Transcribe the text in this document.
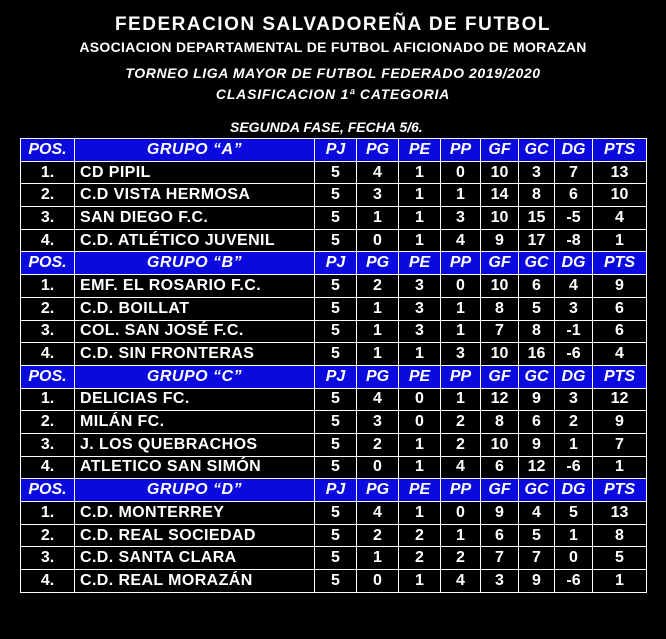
FEDERACION SALVADOREÑA DE FUTBOL
ASOCIACION DEPARTAMENTAL DE FUTBOL AFICIONADO DE MORAZAN
TORNEO LIGA MAYOR DE FUTBOL FEDERADO 2019/2020
CLASIFICACION 1ª CATEGORIA
SEGUNDA FASE, FECHA 5/6.
POS.	GRUPO “A”	PJ	PG	PE	PP	GF	GC	DG	PTS
1.	CD PIPIL	5	4	1	0	10	3	7	13
2.	C.D VISTA HERMOSA	5	3	1	1	14	8	6	10
3.	SAN DIEGO F.C.	5	1	1	3	10	15	-5	4
4.	C.D. ATLÉTICO JUVENIL	5	0	1	4	9	17	-8	1
POS.	GRUPO “B”	PJ	PG	PE	PP	GF	GC	DG	PTS
1.	EMF. EL ROSARIO F.C.	5	2	3	0	10	6	4	9
2.	C.D. BOILLAT	5	1	3	1	8	5	3	6
3.	COL. SAN JOSÉ F.C.	5	1	3	1	7	8	-1	6
4.	C.D. SIN FRONTERAS	5	1	1	3	10	16	-6	4
POS.	GRUPO “C”	PJ	PG	PE	PP	GF	GC	DG	PTS
1.	DELICIAS FC.	5	4	0	1	12	9	3	12
2.	MILÁN FC.	5	3	0	2	8	6	2	9
3.	J. LOS QUEBRACHOS	5	2	1	2	10	9	1	7
4.	ATLETICO SAN SIMÓN	5	0	1	4	6	12	-6	1
POS.	GRUPO “D”	PJ	PG	PE	PP	GF	GC	DG	PTS
1.	C.D. MONTERREY	5	4	1	0	9	4	5	13
2.	C.D. REAL SOCIEDAD	5	2	2	1	6	5	1	8
3.	C.D. SANTA CLARA	5	1	2	2	7	7	0	5
4.	C.D. REAL MORAZÁN	5	0	1	4	3	9	-6	1
